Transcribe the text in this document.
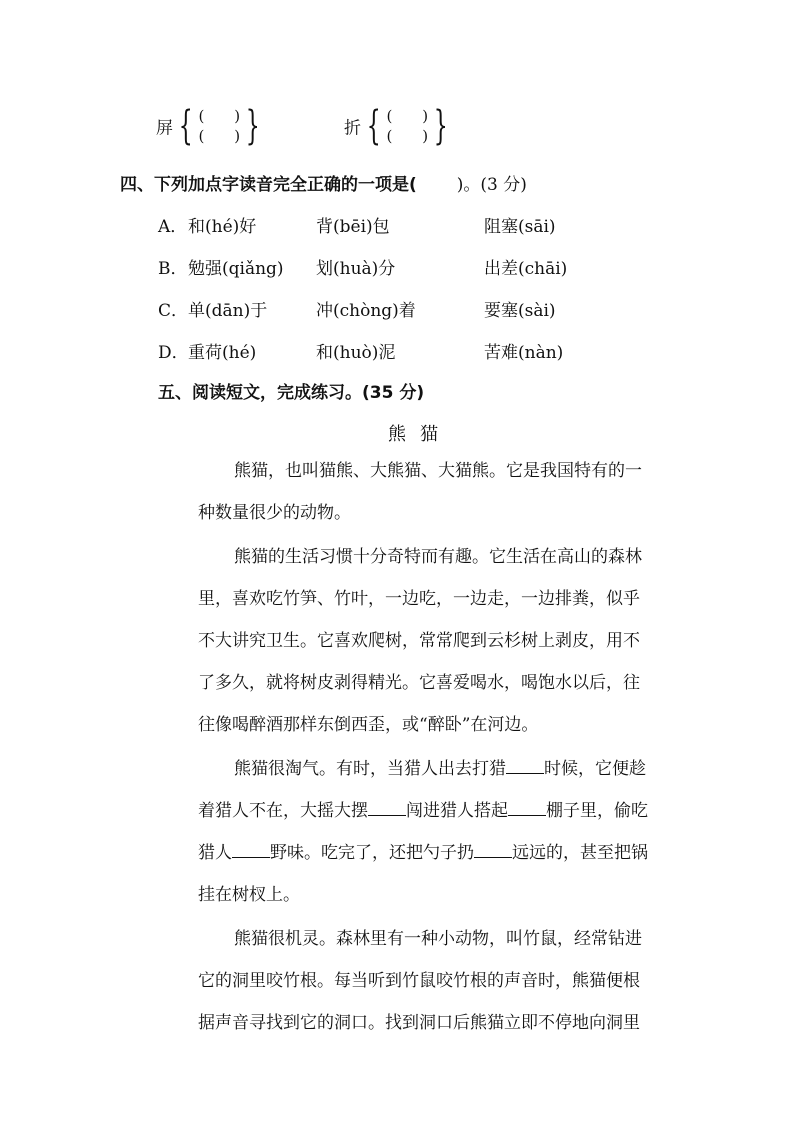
屏 { (　　)
(　　) }	折 { (　　)
(　　) }
四、下列加点字读音完全正确的一项是( )。(3 分)
A． 和(hé)好	背(bēi)包	阻塞(sāi)
B． 勉强(qiǎng) 划(huà)分	出差(chāi)
C． 单(dān)于	冲(chòng)着	要塞(sài)
D． 重荷(hé)	和(huò)泥	苦难(nàn)
五、阅读短文，完成练习。(35 分)
熊猫
熊猫，也叫猫熊、大熊猫、大猫熊。它是我国特有的一
种数量很少的动物。
熊猫的生活习惯十分奇特而有趣。它生活在高山的森林
里，喜欢吃竹笋、竹叶，一边吃，一边走，一边排粪，似乎
不大讲究卫生。它喜欢爬树，常常爬到云杉树上剥皮，用不
了多久，就将树皮剥得精光。它喜爱喝水，喝饱水以后，往
往像喝醉酒那样东倒西歪，或“醉卧”在河边。
熊猫很淘气。有时，当猎人出去打猎 时候，它便趁
着猎人不在，大摇大摆 闯进猎人搭起 棚子里，偷吃
猎人 野味。吃完了，还把勺子扔 远远的，甚至把锅
挂在树杈上。
熊猫很机灵。森林里有一种小动物，叫竹鼠，经常钻进
它的洞里咬竹根。每当听到竹鼠咬竹根的声音时，熊猫便根
据声音寻找到它的洞口。找到洞口后熊猫立即不停地向洞里
